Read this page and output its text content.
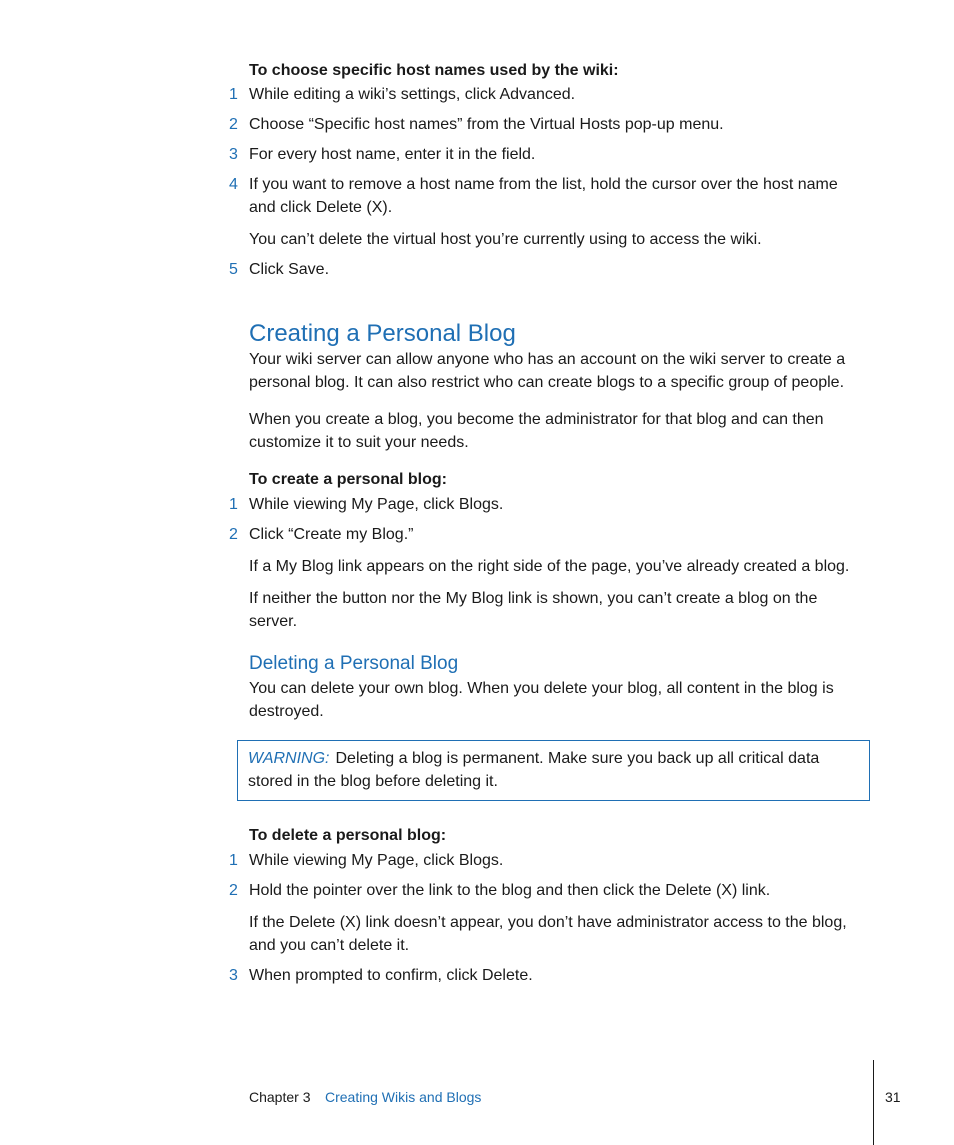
To choose specific host names used by the wiki:
1 While editing a wiki’s settings, click Advanced.
2 Choose “Specific host names” from the Virtual Hosts pop-up menu.
3 For every host name, enter it in the field.
4 If you want to remove a host name from the list, hold the cursor over the host name and click Delete (X).
You can’t delete the virtual host you’re currently using to access the wiki.
5 Click Save.
Creating a Personal Blog
Your wiki server can allow anyone who has an account on the wiki server to create a personal blog. It can also restrict who can create blogs to a specific group of people.
When you create a blog, you become the administrator for that blog and can then customize it to suit your needs.
To create a personal blog:
1 While viewing My Page, click Blogs.
2 Click “Create my Blog.”
If a My Blog link appears on the right side of the page, you’ve already created a blog.
If neither the button nor the My Blog link is shown, you can’t create a blog on the server.
Deleting a Personal Blog
You can delete your own blog. When you delete your blog, all content in the blog is destroyed.
WARNING: Deleting a blog is permanent. Make sure you back up all critical data stored in the blog before deleting it.
To delete a personal blog:
1 While viewing My Page, click Blogs.
2 Hold the pointer over the link to the blog and then click the Delete (X) link.
If the Delete (X) link doesn’t appear, you don’t have administrator access to the blog, and you can’t delete it.
3 When prompted to confirm, click Delete.
Chapter 3 Creating Wikis and Blogs	31
